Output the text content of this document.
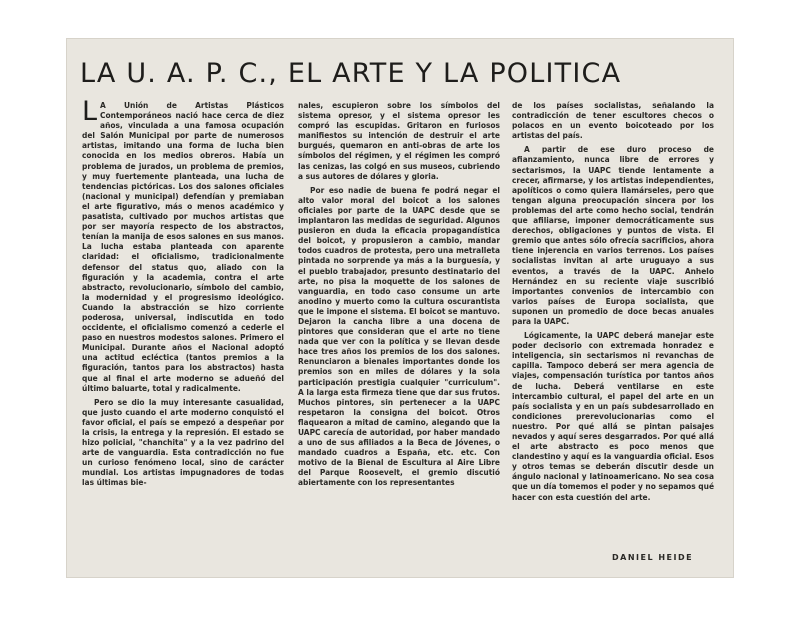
LA U. A. P. C., EL ARTE Y LA POLITICA

L A Unión de Artistas Plásticos Contemporáneos nació hace cerca de diez años, vinculada a una famosa ocupación del Salón Municipal por parte de numerosos artistas, imitando una forma de lucha bien conocida en los medios obreros. Había un problema de jurados, un problema de premios, y muy fuertemente planteada, una lucha de tendencias pictóricas. Los dos salones oficiales (nacional y municipal) defendían y premiaban el arte figurativo, más o menos académico y pasatista, cultivado por muchos artistas que por ser mayoría respecto de los abstractos, tenían la manija de esos salones en sus manos. La lucha estaba planteada con aparente claridad: el oficialismo, tradicionalmente defensor del status quo, aliado con la figuración y la academia, contra el arte abstracto, revolucionario, símbolo del cambio, la modernidad y el progresismo ideológico. Cuando la abstracción se hizo corriente poderosa, universal, indiscutida en todo occidente, el oficialismo comenzó a cederle el paso en nuestros modestos salones. Primero el Municipal. Durante años el Nacional adoptó una actitud ecléctica (tantos premios a la figuración, tantos para los abstractos) hasta que al final el arte moderno se adueñó del último baluarte, total y radicalmente.

Pero se dio la muy interesante casualidad, que justo cuando el arte moderno conquistó el favor oficial, el país se empezó a despeñar por la crisis, la entrega y la represión. El estado se hizo policial, "chanchita" y a la vez padrino del arte de vanguardia. Esta contradicción no fue un curioso fenómeno local, sino de carácter mundial. Los artistas impugnadores de todas las últimas bie-

nales, escupieron sobre los símbolos del sistema opresor, y el sistema opresor les compró las escupidas. Gritaron en furiosos manifiestos su intención de destruir el arte burgués, quemaron en anti-obras de arte los símbolos del régimen, y el régimen les compró las cenizas, las colgó en sus museos, cubriendo a sus autores de dólares y gloria.

Por eso nadie de buena fe podrá negar el alto valor moral del boicot a los salones oficiales por parte de la UAPC desde que se implantaron las medidas de seguridad. Algunos pusieron en duda la eficacia propagandística del boicot, y propusieron a cambio, mandar todos cuadros de protesta, pero una metralleta pintada no sorprende ya más a la burguesía, y el pueblo trabajador, presunto destinatario del arte, no pisa la moquette de los salones de vanguardia, en todo caso consume un arte anodino y muerto como la cultura oscurantista que le impone el sistema. El boicot se mantuvo. Dejaron la cancha libre a una docena de pintores que consideran que el arte no tiene nada que ver con la política y se llevan desde hace tres años los premios de los dos salones. Renunciaron a bienales importantes donde los premios son en miles de dólares y la sola participación prestigia cualquier "curriculum". A la larga esta firmeza tiene que dar sus frutos. Muchos pintores, sin pertenecer a la UAPC respetaron la consigna del boicot. Otros flaquearon a mitad de camino, alegando que la UAPC carecía de autoridad, por haber mandado a uno de sus afiliados a la Beca de Jóvenes, o mandado cuadros a España, etc. etc. Con motivo de la Bienal de Escultura al Aire Libre del Parque Roosevelt, el gremio discutió abiertamente con los representantes

de los países socialistas, señalando la contradicción de tener escultores checos o polacos en un evento boicoteado por los artistas del país.

A partir de ese duro proceso de afianzamiento, nunca libre de errores y sectarismos, la UAPC tiende lentamente a crecer, afirmarse, y los artistas independientes, apolíticos o como quiera llamárseles, pero que tengan alguna preocupación sincera por los problemas del arte como hecho social, tendrán que afiliarse, imponer democráticamente sus derechos, obligaciones y puntos de vista. El gremio que antes sólo ofrecía sacrificios, ahora tiene injerencia en varios terrenos. Los países socialistas invitan al arte uruguayo a sus eventos, a través de la UAPC. Anhelo Hernández en su reciente viaje suscribió importantes convenios de intercambio con varios países de Europa socialista, que suponen un promedio de doce becas anuales para la UAPC.

Lógicamente, la UAPC deberá manejar este poder decisorio con extremada honradez e inteligencia, sin sectarismos ni revanchas de capilla. Tampoco deberá ser mera agencia de viajes, compensación turística por tantos años de lucha. Deberá ventilarse en este intercambio cultural, el papel del arte en un país socialista y en un país subdesarrollado en condiciones prerevolucionarias como el nuestro. Por qué allá se pintan paisajes nevados y aquí seres desgarrados. Por qué allá el arte abstracto es poco menos que clandestino y aquí es la vanguardia oficial. Esos y otros temas se deberán discutir desde un ángulo nacional y latinoamericano. No sea cosa que un día tomemos el poder y no sepamos qué hacer con esta cuestión del arte.

DANIEL HEIDE
